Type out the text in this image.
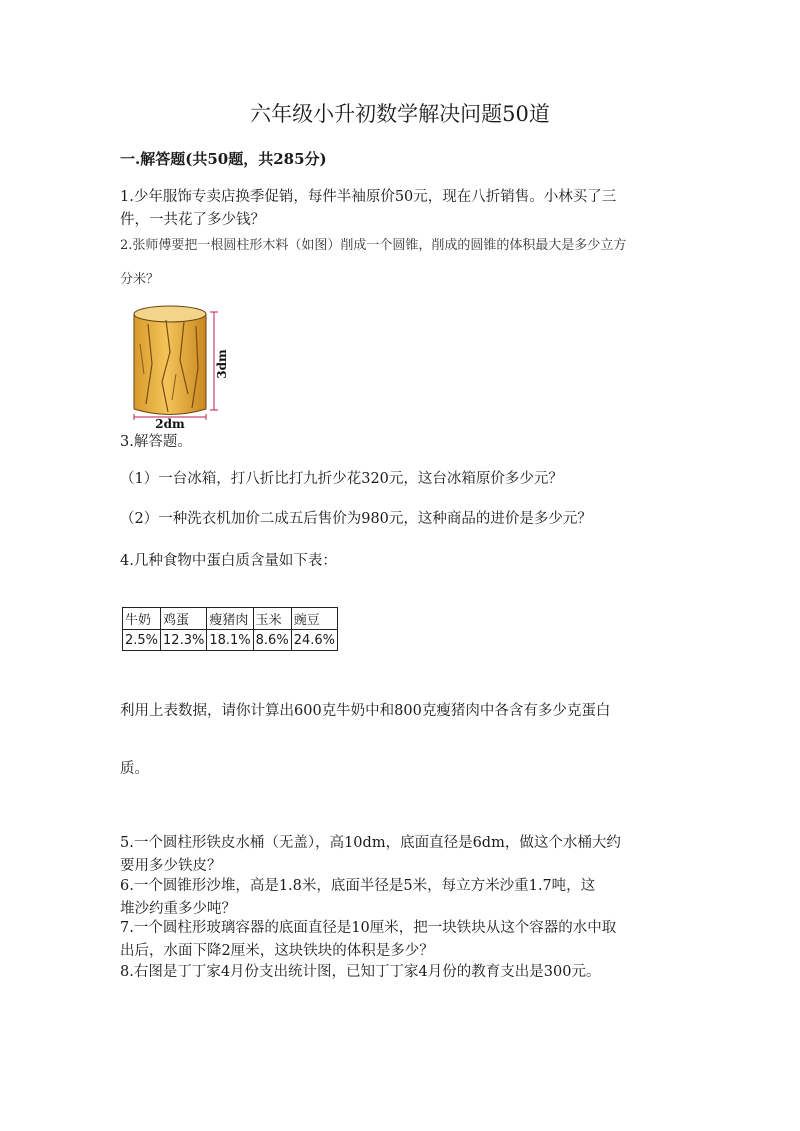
六年级小升初数学解决问题50道
一.解答题(共50题，共285分)
1.少年服饰专卖店换季促销，每件半袖原价50元，现在八折销售。小林买了三
件，一共花了多少钱？
2.张师傅要把一根圆柱形木料（如图）削成一个圆锥，削成的圆锥的体积最大是多少立方
分米？
3dm
2dm
3.解答题。
（1）一台冰箱，打八折比打九折少花320元，这台冰箱原价多少元？
（2）一种洗衣机加价二成五后售价为980元，这种商品的进价是多少元？
4.几种食物中蛋白质含量如下表：
牛奶	鸡蛋	瘦猪肉	玉米	豌豆
2.5%	12.3%	18.1%	8.6%	24.6%
利用上表数据，请你计算出600克牛奶中和800克瘦猪肉中各含有多少克蛋白
质。
5.一个圆柱形铁皮水桶（无盖），高10dm，底面直径是6dm，做这个水桶大约
要用多少铁皮？
6.一个圆锥形沙堆，高是1.8米，底面半径是5米，每立方米沙重1.7吨，这
堆沙约重多少吨？
7.一个圆柱形玻璃容器的底面直径是10厘米，把一块铁块从这个容器的水中取
出后，水面下降2厘米，这块铁块的体积是多少？
8.右图是丁丁家4月份支出统计图，已知丁丁家4月份的教育支出是300元。
